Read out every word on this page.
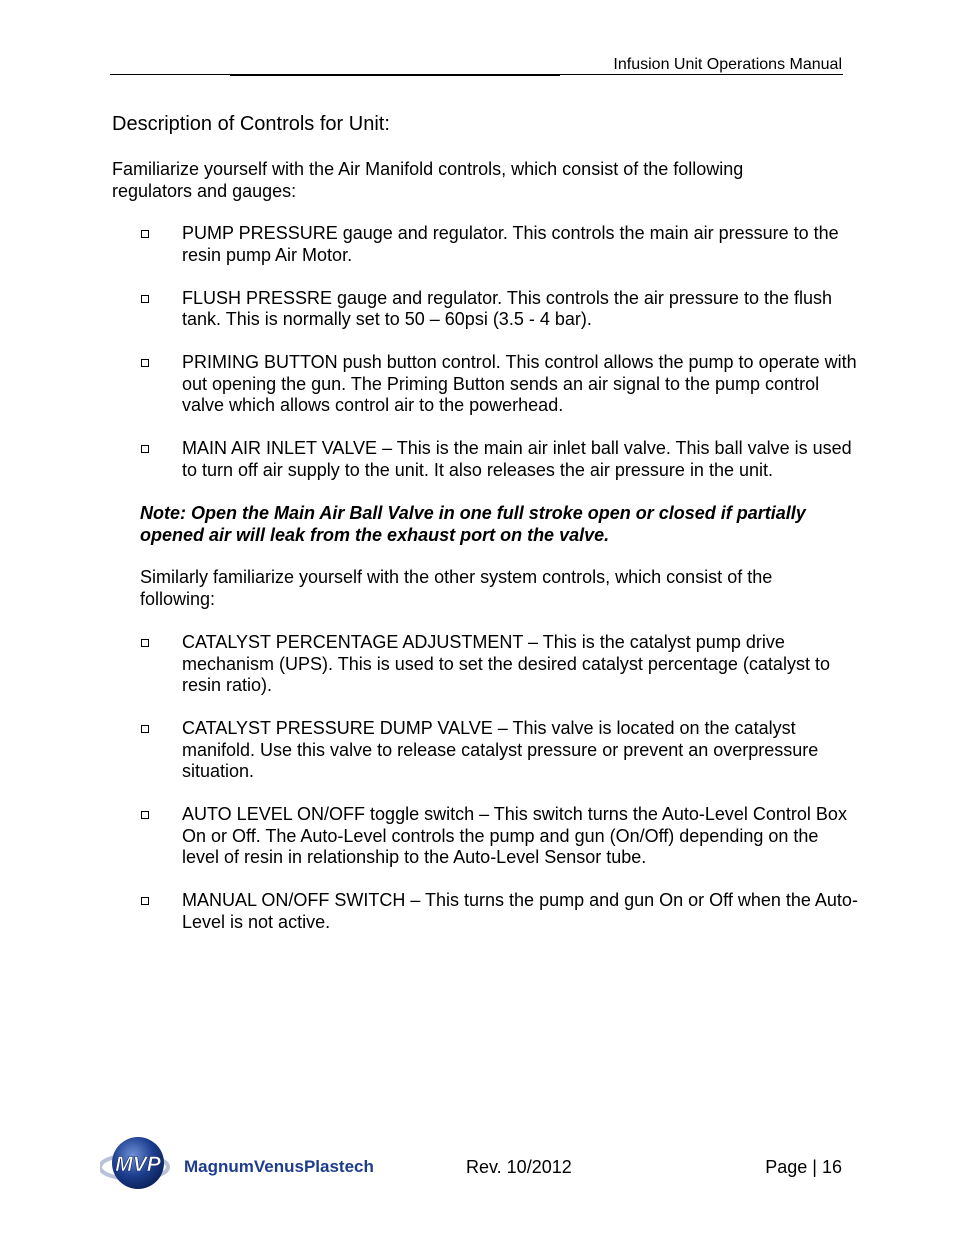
Infusion Unit Operations Manual
Description of Controls for Unit:
Familiarize yourself with the Air Manifold controls, which consist of the following regulators and gauges:
PUMP PRESSURE gauge and regulator. This controls the main air pressure to the resin pump Air Motor.
FLUSH PRESSRE gauge and regulator. This controls the air pressure to the flush tank. This is normally set to 50 – 60psi (3.5 - 4 bar).
PRIMING BUTTON push button control. This control allows the pump to operate with out opening the gun. The Priming Button sends an air signal to the pump control valve which allows control air to the powerhead.
MAIN AIR INLET VALVE – This is the main air inlet ball valve. This ball valve is used to turn off air supply to the unit. It also releases the air pressure in the unit.
Note: Open the Main Air Ball Valve in one full stroke open or closed if partially opened air will leak from the exhaust port on the valve.
Similarly familiarize yourself with the other system controls, which consist of the following:
CATALYST PERCENTAGE ADJUSTMENT – This is the catalyst pump drive mechanism (UPS). This is used to set the desired catalyst percentage (catalyst to resin ratio).
CATALYST PRESSURE DUMP VALVE – This valve is located on the catalyst manifold. Use this valve to release catalyst pressure or prevent an overpressure situation.
AUTO LEVEL ON/OFF toggle switch – This switch turns the Auto-Level Control Box On or Off. The Auto-Level controls the pump and gun (On/Off) depending on the level of resin in relationship to the Auto-Level Sensor tube.
MANUAL ON/OFF SWITCH – This turns the pump and gun On or Off when the Auto-Level is not active.
MVP MagnumVenusPlastech	Rev. 10/2012	Page | 16
